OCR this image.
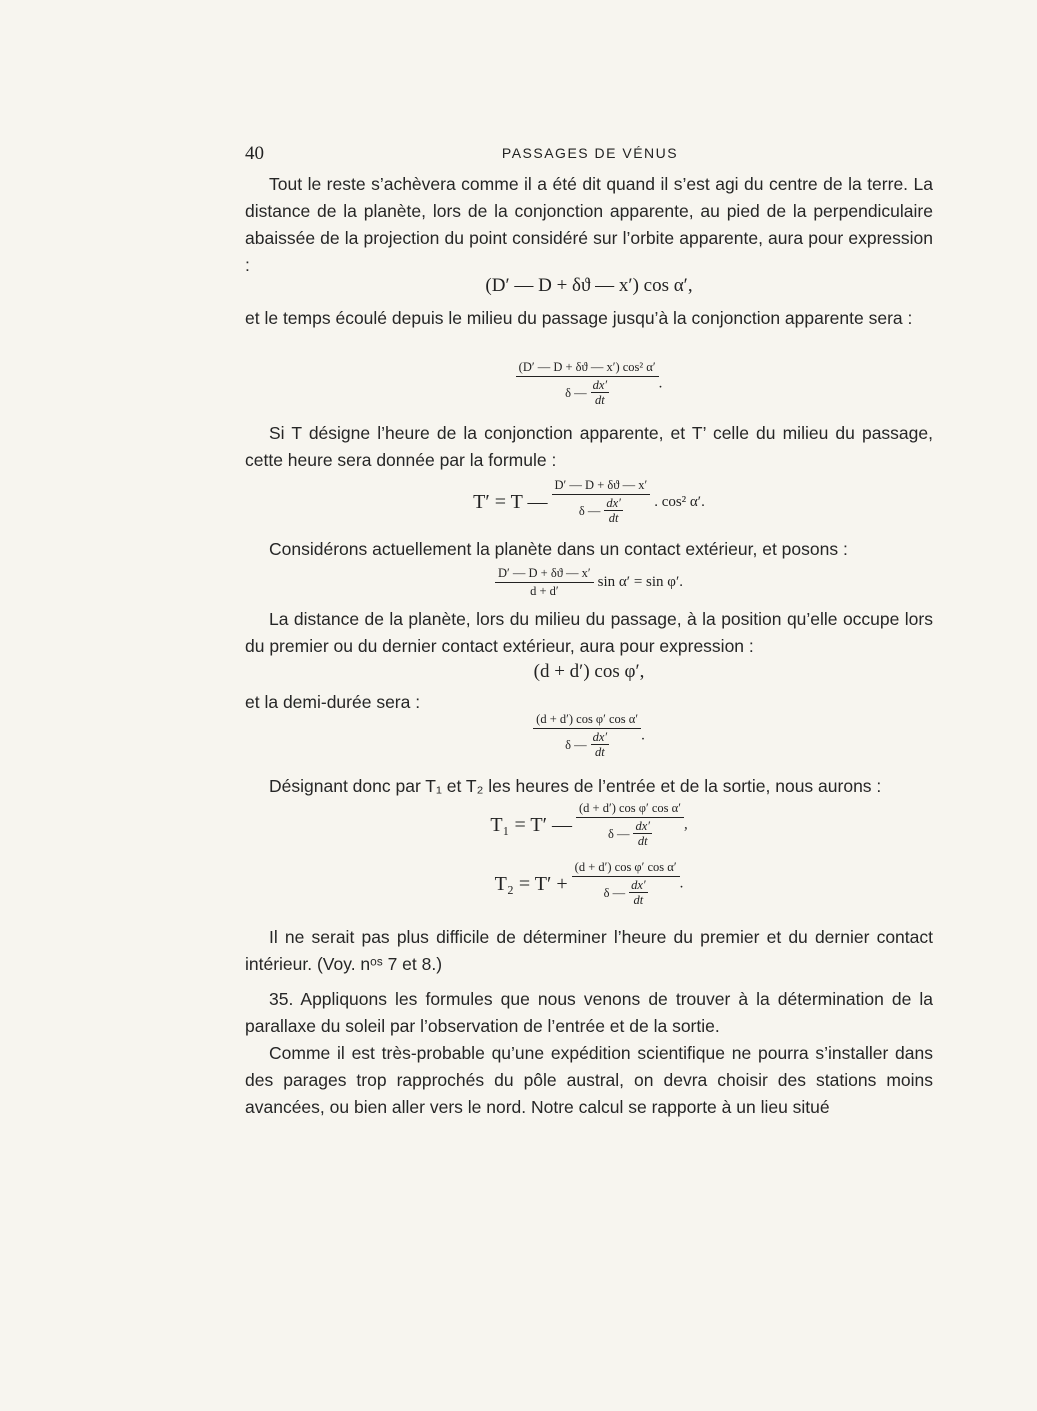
40	PASSAGES DE VÉNUS
Tout le reste s’achèvera comme il a été dit quand il s’est agi du centre de la terre. La distance de la planète, lors de la conjonction apparente, au pied de la perpendiculaire abaissée de la projection du point considéré sur l’orbite apparente, aura pour expression :
(D′ — D + δϑ — x′) cos α′,
et le temps écoulé depuis le milieu du passage jusqu’à la conjonction apparente sera :
$\frac{\text{(D′ — D + δϑ — x′) cos² α′}}{\delta — \frac{dx'}{dt}}$ .
Si T désigne l’heure de la conjonction apparente, et T’ celle du milieu du passage, cette heure sera donnée par la formule :
T′ = T — $\frac{D' — D + \delta ϑ — x'}{\delta — \frac{dx'}{dt}}$ . cos² α′.
Considérons actuellement la planète dans un contact extérieur, et posons :
$\frac{D' — D + \delta ϑ — x'}{d + d'}$ sin α′ = sin φ′.
La distance de la planète, lors du milieu du passage, à la position qu’elle occupe lors du premier ou du dernier contact extérieur, aura pour expression :
(d + d′) cos φ′,
et la demi-durée sera :
$\frac{\text{(d + d′) cos φ′ cos α′}}{\delta — \frac{dx'}{dt}}$ .
Désignant donc par T₁ et T₂ les heures de l’entrée et de la sortie, nous aurons :
T₁ = T′ — $\frac{\text{(d + d′) cos φ′ cos α′}}{\delta — \frac{dx'}{dt}}$ ,
$T_2 = T' + \frac{\text{(d + d′) cos φ′ cos α′}}{\delta — \frac{dx'}{dt}}$ .
Il ne serait pas plus difficile de déterminer l’heure du premier et du dernier contact intérieur. (Voy. nᵒˢ 7 et 8.)
35. Appliquons les formules que nous venons de trouver à la détermination de la parallaxe du soleil par l’observation de l’entrée et de la sortie.
Comme il est très-probable qu’une expédition scientifique ne pourra s’installer dans des parages trop rapprochés du pôle austral, on devra choisir des stations moins avancées, ou bien aller vers le nord. Notre calcul se rapporte à un lieu situé
